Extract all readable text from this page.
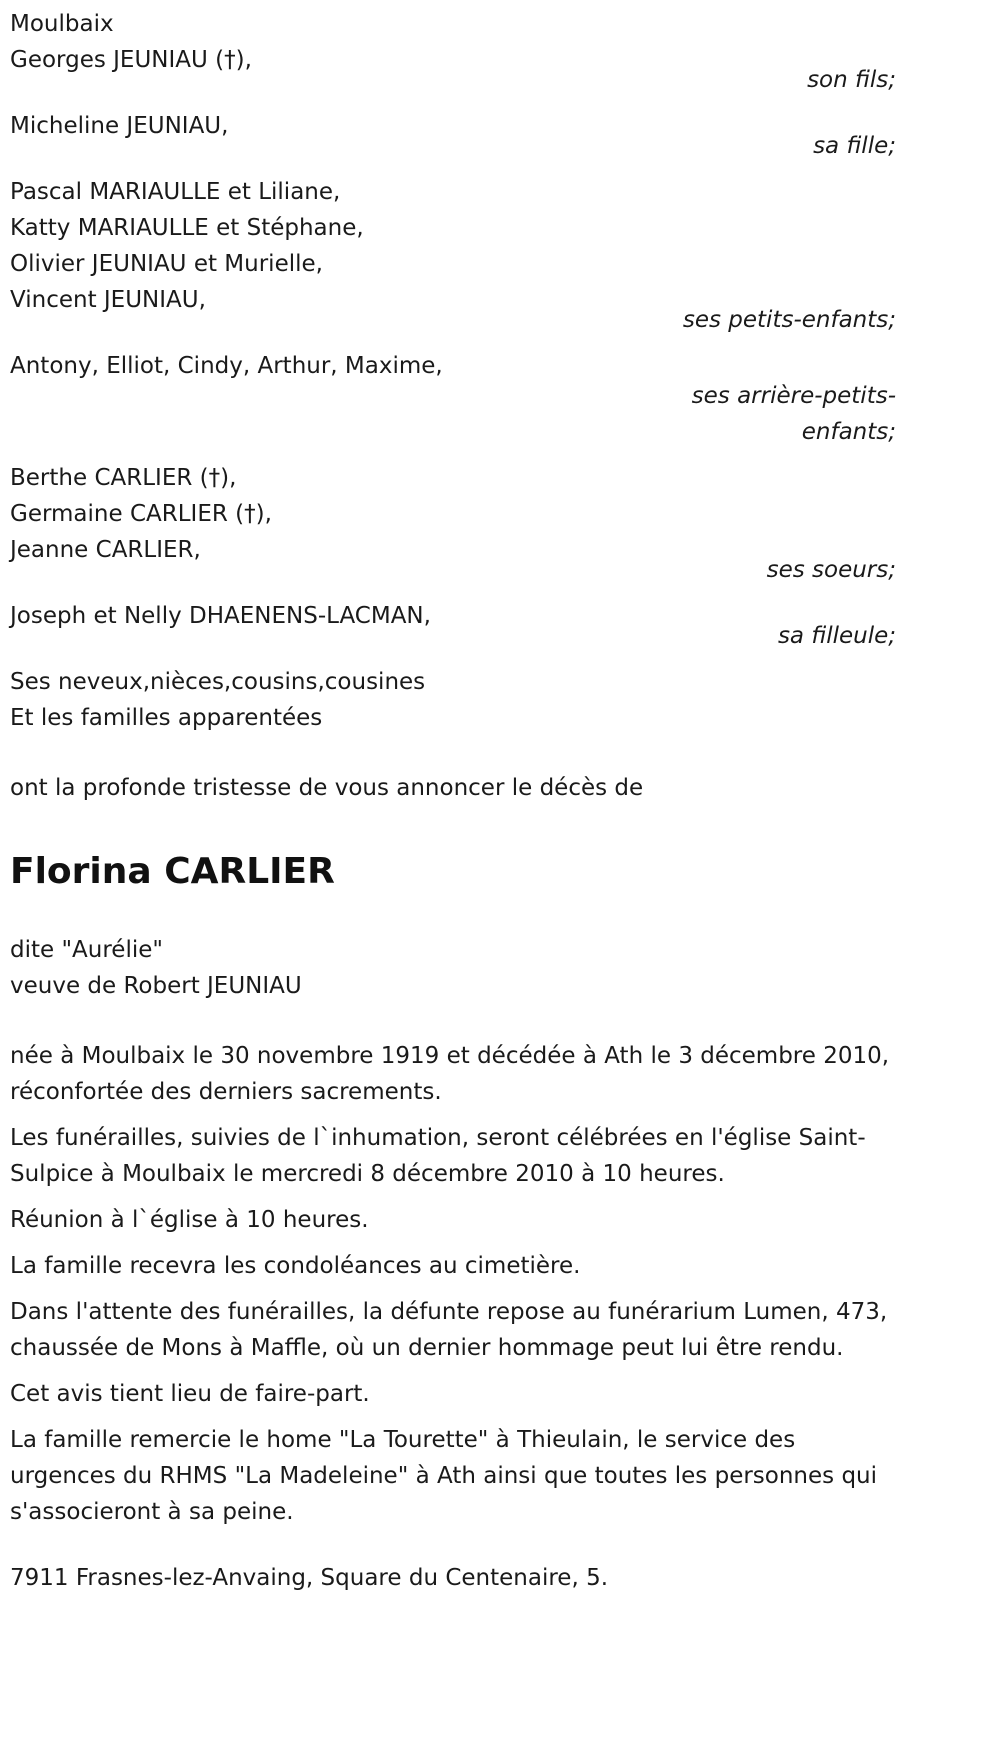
Moulbaix
Georges JEUNIAU (†),
son fils;
Micheline JEUNIAU,
sa fille;
Pascal MARIAULLE et Liliane,
Katty MARIAULLE et Stéphane,
Olivier JEUNIAU et Murielle,
Vincent JEUNIAU,
ses petits-enfants;
Antony, Elliot, Cindy, Arthur, Maxime,
ses arrière-petits-enfants;
Berthe CARLIER (†),
Germaine CARLIER (†),
Jeanne CARLIER,
ses soeurs;
Joseph et Nelly DHAENENS-LACMAN,
sa filleule;
Ses neveux,nièces,cousins,cousines
Et les familles apparentées

ont la profonde tristesse de vous annoncer le décès de

Florina CARLIER
dite "Aurélie"
veuve de Robert JEUNIAU

née à Moulbaix le 30 novembre 1919 et décédée à Ath le 3 décembre 2010, réconfortée des derniers sacrements.

Les funérailles, suivies de l`inhumation, seront célébrées en l'église Saint-Sulpice à Moulbaix le mercredi 8 décembre 2010 à 10 heures.

Réunion à l`église à 10 heures.

La famille recevra les condoléances au cimetière.

Dans l'attente des funérailles, la défunte repose au funérarium Lumen, 473, chaussée de Mons à Maffle, où un dernier hommage peut lui être rendu.

Cet avis tient lieu de faire-part.

La famille remercie le home "La Tourette" à Thieulain, le service des urgences du RHMS "La Madeleine" à Ath ainsi que toutes les personnes qui s'associeront à sa peine.

7911 Frasnes-lez-Anvaing, Square du Centenaire, 5.
